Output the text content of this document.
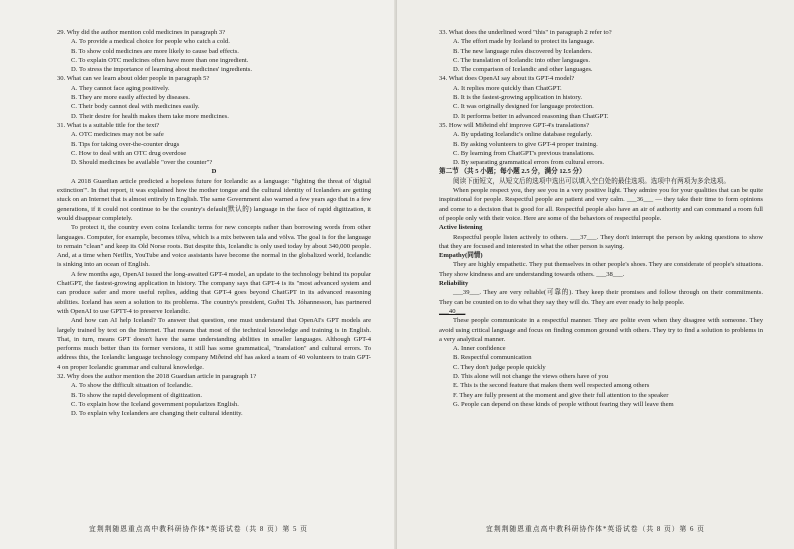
29. Why did the author mention cold medicines in paragraph 3?

A. To provide a medical choice for people who catch a cold.

B. To show cold medicines are more likely to cause bad effects.

C. To explain OTC medicines often have more than one ingredient.

D. To stress the importance of learning about medicines' ingredients.

30. What can we learn about older people in paragraph 5?

A. They cannot face aging positively.

B. They are more easily affected by diseases.

C. Their body cannot deal with medicines easily.

D. Their desire for health makes them take more medicines.

31. What is a suitable title for the text?

A. OTC medicines may not be safe

B. Tips for taking over-the-counter drugs

C. How to deal with an OTC drug overdose

D. Should medicines be available "over the counter"?

D

A 2018 Guardian article predicted a hopeless future for Icelandic as a language: "fighting the threat of 'digital extinction'". In that report, it was explained how the mother tongue and the cultural identity of Icelanders are getting stuck on an Internet that is almost entirely in English. The same Government also warned a few years ago that in a few generations, if it could not continue to be the country's default(默认的) language in the face of rapid digitization, it would disappear completely.

To protect it, the country even coins Icelandic terms for new concepts rather than borrowing words from other languages. Computer, for example, becomes tölva, which is a mix between tala and völva. The goal is for the language to remain "clean" and keep its Old Norse roots. But despite this, Icelandic is only used today by about 340,000 people. And, at a time when Netflix, YouTube and voice assistants have become the normal in the globalized world, Icelandic is sinking into an ocean of English.

A few months ago, OpenAI issued the long-awaited GPT-4 model, an update to the technology behind its popular ChatGPT, the fastest-growing application in history. The company says that GPT-4 is its "most advanced system and can produce safer and more useful replies, adding that GPT-4 goes beyond ChatGPT in its advanced reasoning abilities. Iceland has seen a solution to its problems. The country's president, Guðni Th. Jóhannesson, has partnered with OpenAI to use GPTT-4 to preserve Icelandic.

And how can AI help Iceland? To answer that question, one must understand that OpenAI's GPT models are largely trained by text on the Internet. That means that most of the technical knowledge and training is in English. That, in turn, means GPT doesn't have the same understanding abilities in smaller languages. Although GPT-4 performs much better than its former versions, it still has some grammatical, "translation" and cultural errors. To address this, the Icelandic language technology company Miðeind ehf has asked a team of 40 volunteers to train GPT-4 on proper Icelandic grammar and cultural knowledge.

32. Why does the author mention the 2018 Guardian article in paragraph 1?

A. To show the difficult situation of Icelandic.

B. To show the rapid development of digitization.

C. To explain how the Iceland government popularizes English.

D. To explain why Icelanders are changing their cultural identity.

宜荆荆随恩重点高中教科研协作体*英语试卷（共 8 页）第 5 页

33. What does the underlined word "this" in paragraph 2 refer to?

A. The effort made by Iceland to protect its language.

B. The new language rules discovered by Icelanders.

C. The translation of Icelandic into other languages.

D. The comparison of Icelandic and other languages.

34. What does OpenAI say about its GPT-4 model?

A. It replies more quickly than ChatGPT.

B. It is the fastest-growing application in history.

C. It was originally designed for language protection.

D. It performs better in advanced reasoning than ChatGPT.

35. How will Miðeind ehf improve GPT-4's translations?

A. By updating Icelandic's online database regularly.

B. By asking volunteers to give GPT-4 proper training.

C. By learning from ChatGPT's previous translations.

D. By separating grammatical errors from cultural errors.

第二节 （共 5 小题；每小题 2.5 分，满分 12.5 分）

阅读下面短文，从短文后的选项中选出可以填入空白处的最佳选项。选项中有两项为多余选项。

When people respect you, they see you in a very positive light. They admire you for your qualities that can be quite inspirational for people. Respectful people are patient and very calm. ___36___ — they take their time to form opinions and come to a decision that is good for all. Respectful people also have an air of authority and can command a room full of people only with their voice. Here are some of the behaviors of respectful people.

Active listening

Respectful people listen actively to others. ___37___. They don't interrupt the person by asking questions to show that they are focused and interested in what the other person is saying.

Empathy(同情)

They are highly empathetic. They put themselves in other people's shoes. They are considerate of people's situations. They show kindness and are understanding towards others. ___38___.

Reliability

___39___. They are very reliable(可靠的). They keep their promises and follow through on their commitments. They can be counted on to do what they say they will do. They are ever ready to help people.

___40___

These people communicate in a respectful manner. They are polite even when they disagree with someone. They avoid using critical language and focus on finding common ground with others. They try to find a solution to problems in a very analytical manner.

A. Inner confidence

B. Respectful communication

C. They don't judge people quickly

D. This alone will not change the views others have of you

E. This is the second feature that makes them well respected among others

F. They are fully present at the moment and give their full attention to the speaker

G. People can depend on these kinds of people without fearing they will leave them

宜荆荆随恩重点高中教科研协作体*英语试卷（共 8 页）第 6 页
